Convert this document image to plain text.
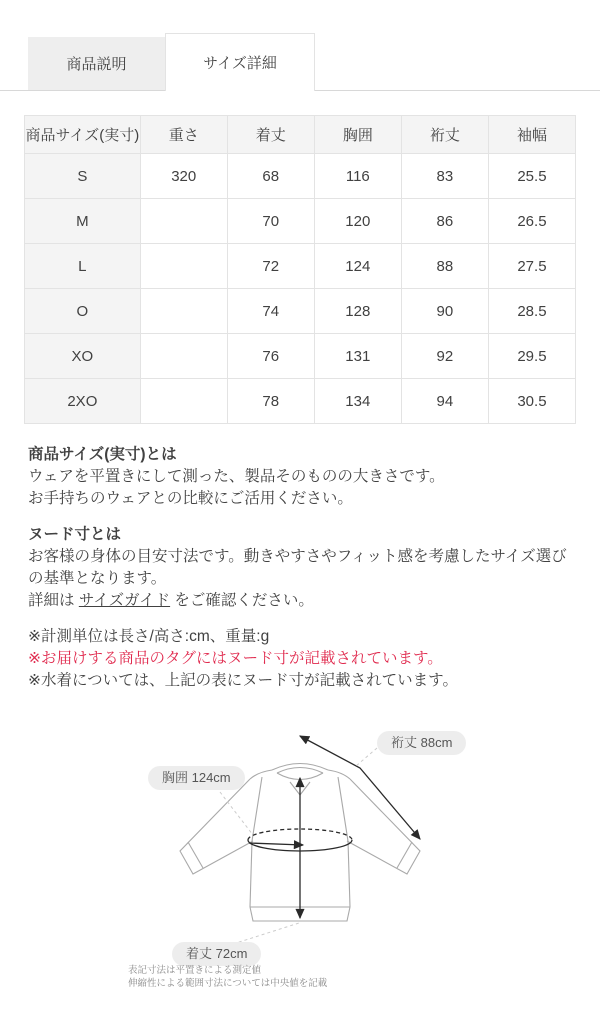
商品説明	サイズ詳細
商品サイズ(実寸)	重さ	着丈	胸囲	裄丈	袖幅
S	320	68	116	83	25.5
M		70	120	86	26.5
L		72	124	88	27.5
O		74	128	90	28.5
XO		76	131	92	29.5
2XO		78	134	94	30.5
商品サイズ(実寸)とは
ウェアを平置きにして測った、製品そのものの大きさです。
お手持ちのウェアとの比較にご活用ください。
ヌード寸とは
お客様の身体の目安寸法です。動きやすさやフィット感を考慮したサイズ選び
の基準となります。
詳細は サイズガイド をご確認ください。
※計測単位は長さ/高さ:cm、重量:g
※お届けする商品のタグにはヌード寸が記載されています。
※水着については、上記の表にヌード寸が記載されています。
裄丈 88cm
胸囲 124cm
着丈 72cm
表記寸法は平置きによる測定値
伸縮性による範囲寸法については中央値を記載
